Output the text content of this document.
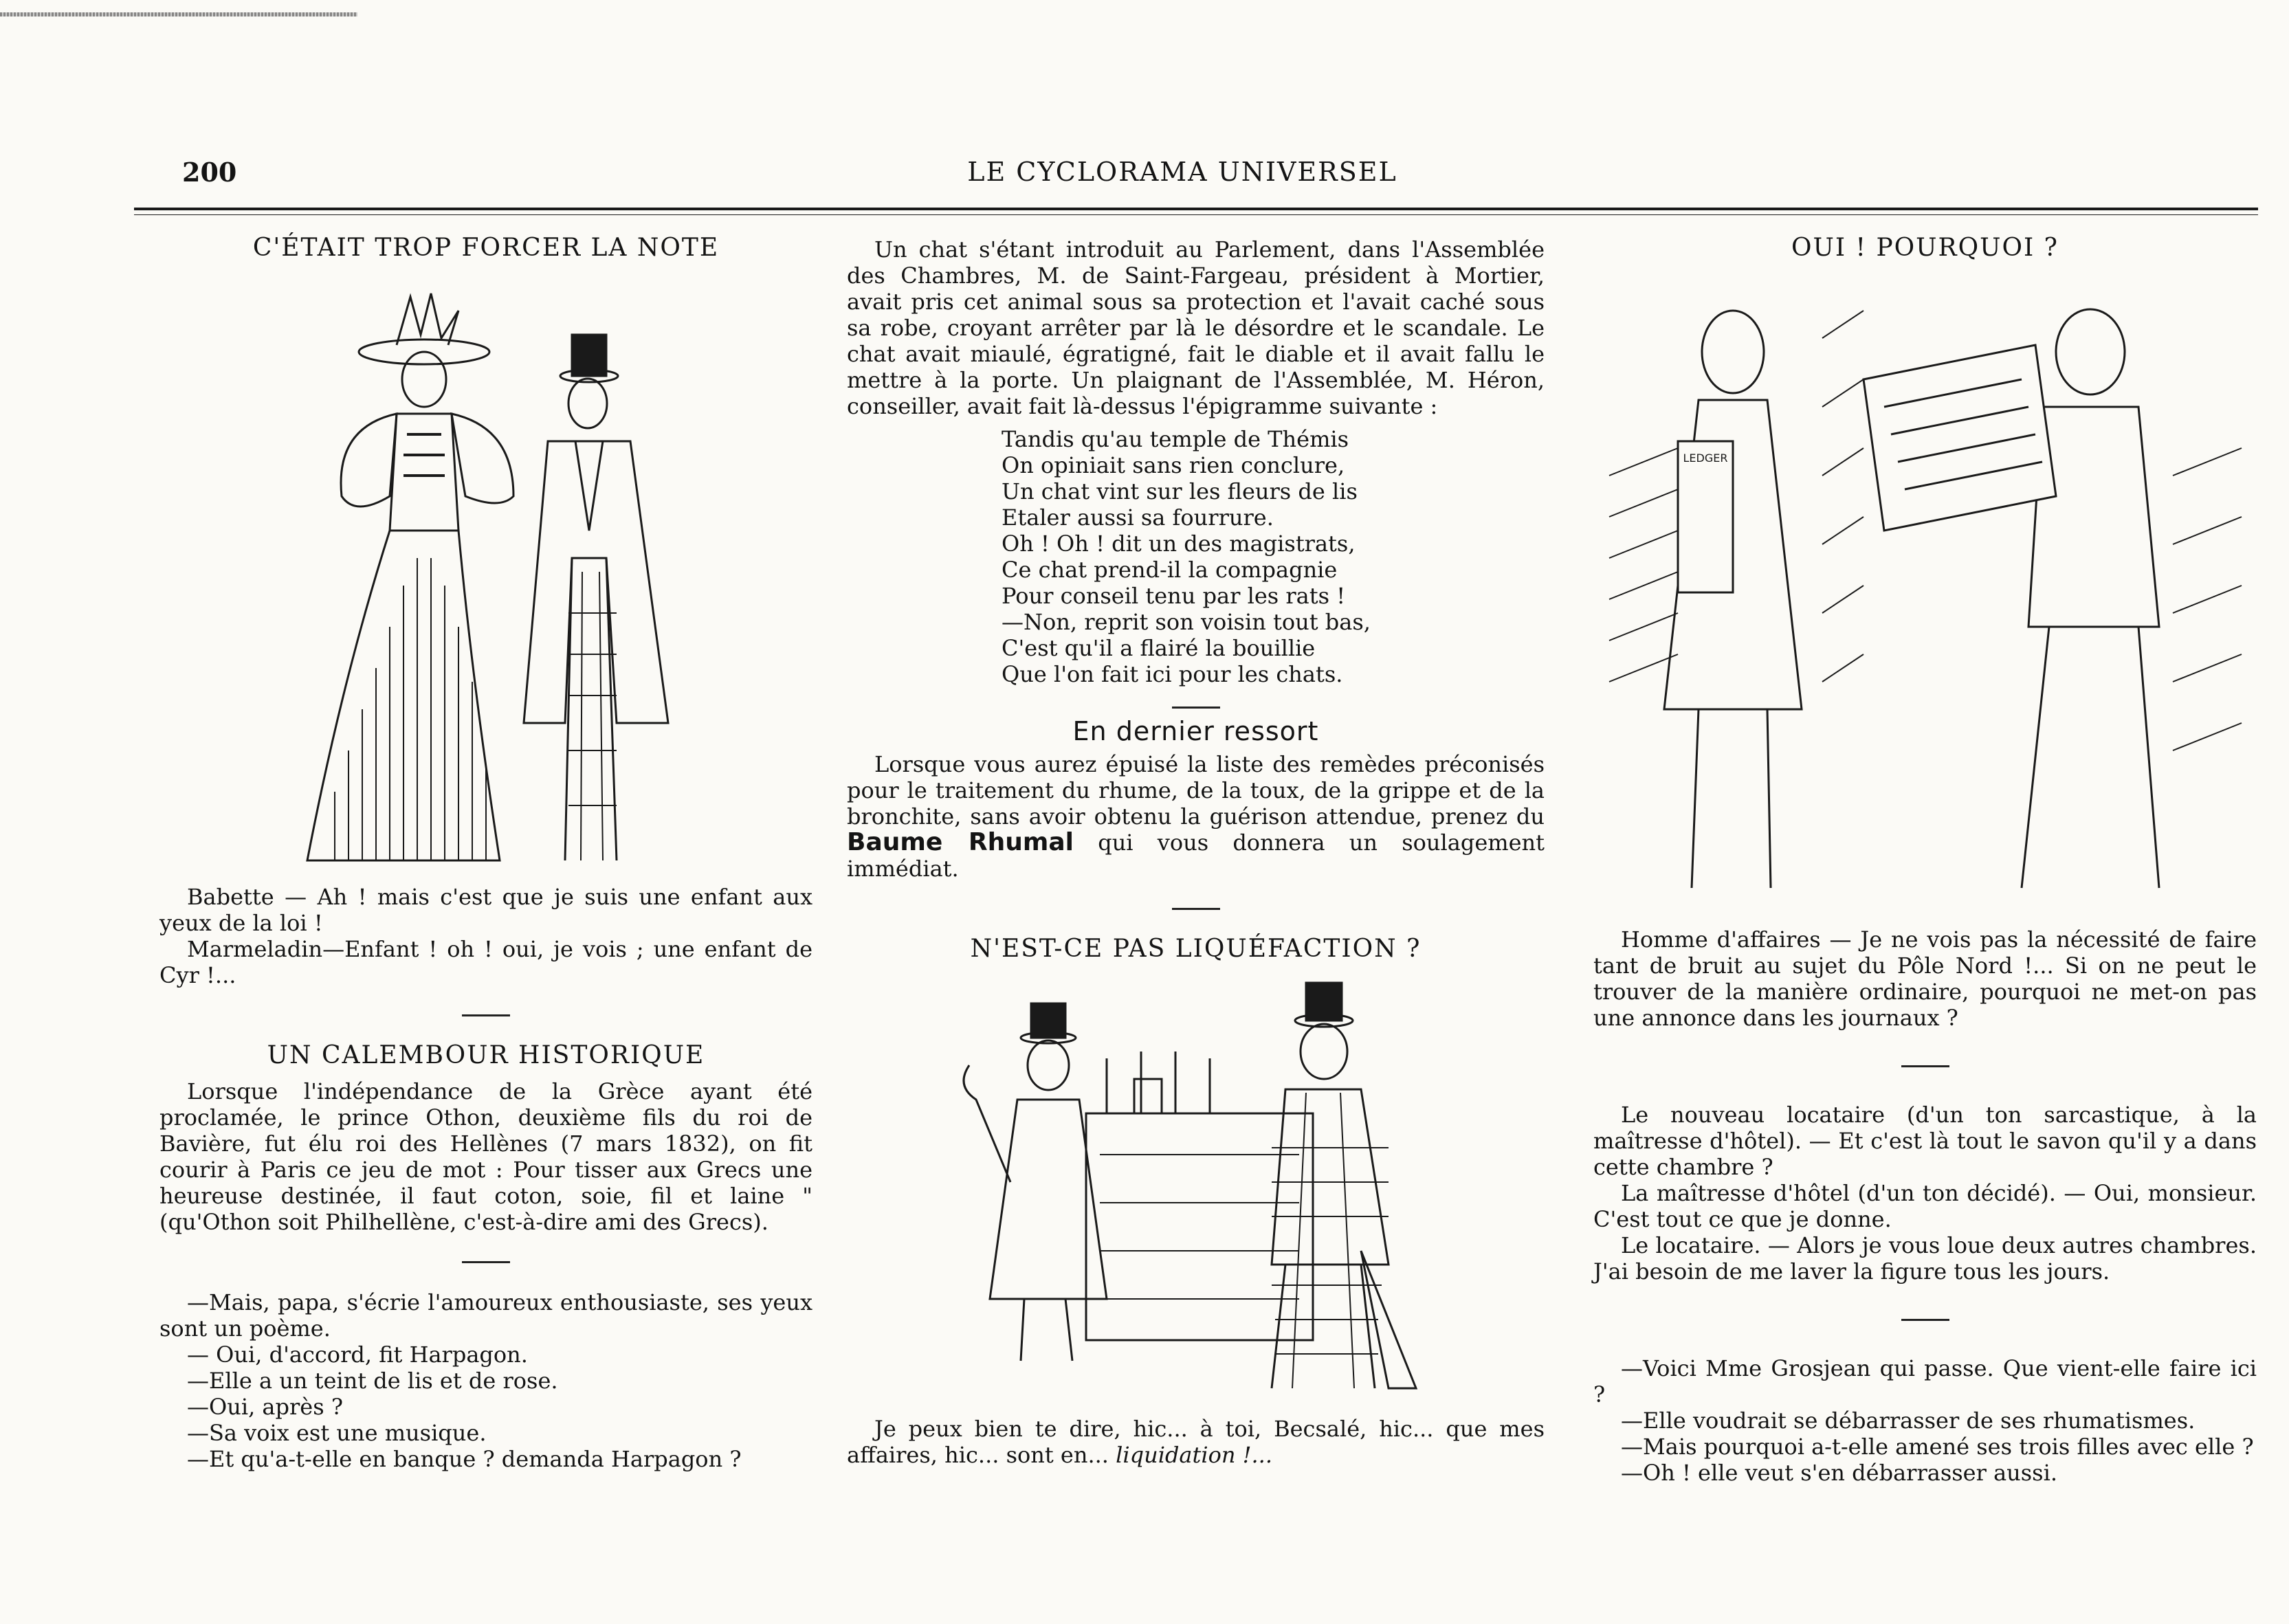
200	LE CYCLORAMA UNIVERSEL
C'ÉTAIT TROP FORCER LA NOTE

Babette — Ah ! mais c'est que je suis une enfant aux yeux de la loi !

Marmeladin—Enfant ! oh ! oui, je vois ; une enfant de Cyr !...

UN CALEMBOUR HISTORIQUE

Lorsque l'indépendance de la Grèce ayant été proclamée, le prince Othon, deuxième fils du roi de Bavière, fut élu roi des Hellènes (7 mars 1832), on fit courir à Paris ce jeu de mot : Pour tisser aux Grecs une heureuse destinée, il faut coton, soie, fil et laine " (qu'Othon soit Philhellène, c'est-à-dire ami des Grecs).

—Mais, papa, s'écrie l'amoureux enthousiaste, ses yeux sont un poème.

— Oui, d'accord, fit Harpagon.

—Elle a un teint de lis et de rose.

—Oui, après ?

—Sa voix est une musique.

—Et qu'a-t-elle en banque ? demanda Harpagon ?

Un chat s'étant introduit au Parlement, dans l'Assemblée des Chambres, M. de Saint-Fargeau, président à Mortier, avait pris cet animal sous sa protection et l'avait caché sous sa robe, croyant arrêter par là le désordre et le scandale. Le chat avait miaulé, égratigné, fait le diable et il avait fallu le mettre à la porte. Un plaignant de l'Assemblée, M. Héron, conseiller, avait fait là-dessus l'épigramme suivante :

Tandis qu'au temple de Thémis
On opiniait sans rien conclure,
Un chat vint sur les fleurs de lis
Etaler aussi sa fourrure.
Oh ! Oh ! dit un des magistrats,
Ce chat prend-il la compagnie
Pour conseil tenu par les rats !
—Non, reprit son voisin tout bas,
C'est qu'il a flairé la bouillie
Que l'on fait ici pour les chats.
En dernier ressort

Lorsque vous aurez épuisé la liste des remèdes préconisés pour le traitement du rhume, de la toux, de la grippe et de la bronchite, sans avoir obtenu la guérison attendue, prenez du Baume Rhumal qui vous donnera un soulagement immédiat.

N'EST-CE PAS LIQUÉFACTION ?

Je peux bien te dire, hic... à toi, Becsalé, hic... que mes affaires, hic... sont en... liquidation !...

OUI ! POURQUOI ?
LEDGER

Homme d'affaires — Je ne vois pas la nécessité de faire tant de bruit au sujet du Pôle Nord !... Si on ne peut le trouver de la manière ordinaire, pourquoi ne met-on pas une annonce dans les journaux ?

Le nouveau locataire (d'un ton sarcastique, à la maîtresse d'hôtel). — Et c'est là tout le savon qu'il y a dans cette chambre ?

La maîtresse d'hôtel (d'un ton décidé). — Oui, monsieur. C'est tout ce que je donne.

Le locataire. — Alors je vous loue deux autres chambres. J'ai besoin de me laver la figure tous les jours.

—Voici Mme Grosjean qui passe. Que vient-elle faire ici ?

—Elle voudrait se débarrasser de ses rhumatismes.

—Mais pourquoi a-t-elle amené ses trois filles avec elle ?

—Oh ! elle veut s'en débarrasser aussi.
